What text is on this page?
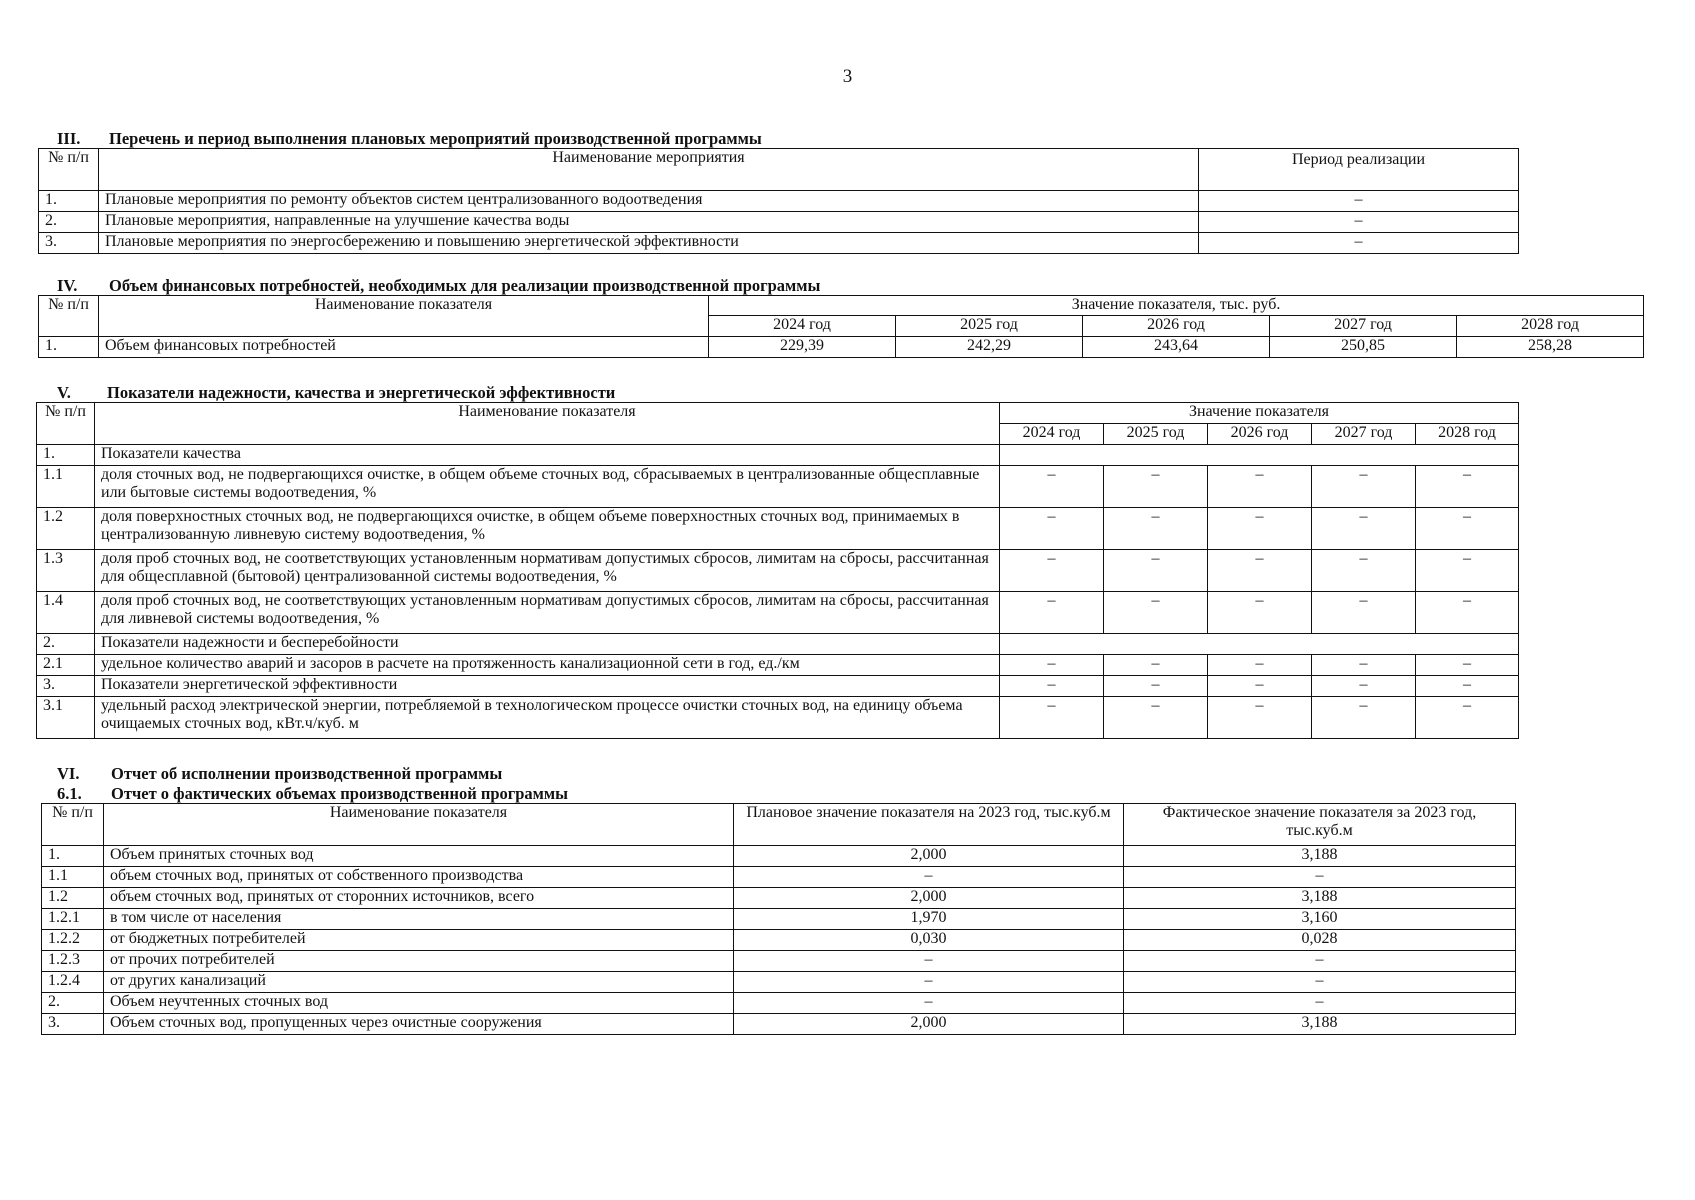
3
III. Перечень и период выполнения плановых мероприятий производственной программы
№ п/п	Наименование мероприятия	Период реализации
1.	Плановые мероприятия по ремонту объектов систем централизованного водоотведения	–
2.	Плановые мероприятия, направленные на улучшение качества воды	–
3.	Плановые мероприятия по энергосбережению и повышению энергетической эффективности	–
IV. Объем финансовых потребностей, необходимых для реализации производственной программы
№ п/п	Наименование показателя	Значение показателя, тыс. руб.				
		2024 год	2025 год	2026 год	2027 год	2028 год
1.	Объем финансовых потребностей	229,39	242,29	243,64	250,85	258,28
V. Показатели надежности, качества и энергетической эффективности
№ п/п	Наименование показателя	Значение показателя				
		2024 год	2025 год	2026 год	2027 год	2028 год
1.	Показатели качества					
1.1	доля сточных вод, не подвергающихся очистке, в общем объеме сточных вод, сбрасываемых в централизованные общесплавные или бытовые системы водоотведения, %	–	–	–	–	–
1.2	доля поверхностных сточных вод, не подвергающихся очистке, в общем объеме поверхностных сточных вод, принимаемых в централизованную ливневую систему водоотведения, %	–	–	–	–	–
1.3	доля проб сточных вод, не соответствующих установленным нормативам допустимых сбросов, лимитам на сбросы, рассчитанная для общесплавной (бытовой) централизованной системы водоотведения, %	–	–	–	–	–
1.4	доля проб сточных вод, не соответствующих установленным нормативам допустимых сбросов, лимитам на сбросы, рассчитанная для ливневой системы водоотведения, %	–	–	–	–	–
2.	Показатели надежности и бесперебойности					
2.1	удельное количество аварий и засоров в расчете на протяженность канализационной сети в год, ед./км	–	–	–	–	–
3.	Показатели энергетической эффективности	–	–	–	–	–
3.1	удельный расход электрической энергии, потребляемой в технологическом процессе очистки сточных вод, на единицу объема очищаемых сточных вод, кВт.ч/куб. м	–	–	–	–	–
VI. Отчет об исполнении производственной программы
6.1. Отчет о фактических объемах производственной программы
№ п/п	Наименование показателя	Плановое значение показателя на 2023 год, тыс.куб.м	Фактическое значение показателя за 2023 год, тыс.куб.м
1.	Объем принятых сточных вод	2,000	3,188
1.1	объем сточных вод, принятых от собственного производства	–	–
1.2	объем сточных вод, принятых от сторонних источников, всего	2,000	3,188
1.2.1	в том числе от населения	1,970	3,160
1.2.2	от бюджетных потребителей	0,030	0,028
1.2.3	от прочих потребителей	–	–
1.2.4	от других канализаций	–	–
2.	Объем неучтенных сточных вод	–	–
3.	Объем сточных вод, пропущенных через очистные сооружения	2,000	3,188
